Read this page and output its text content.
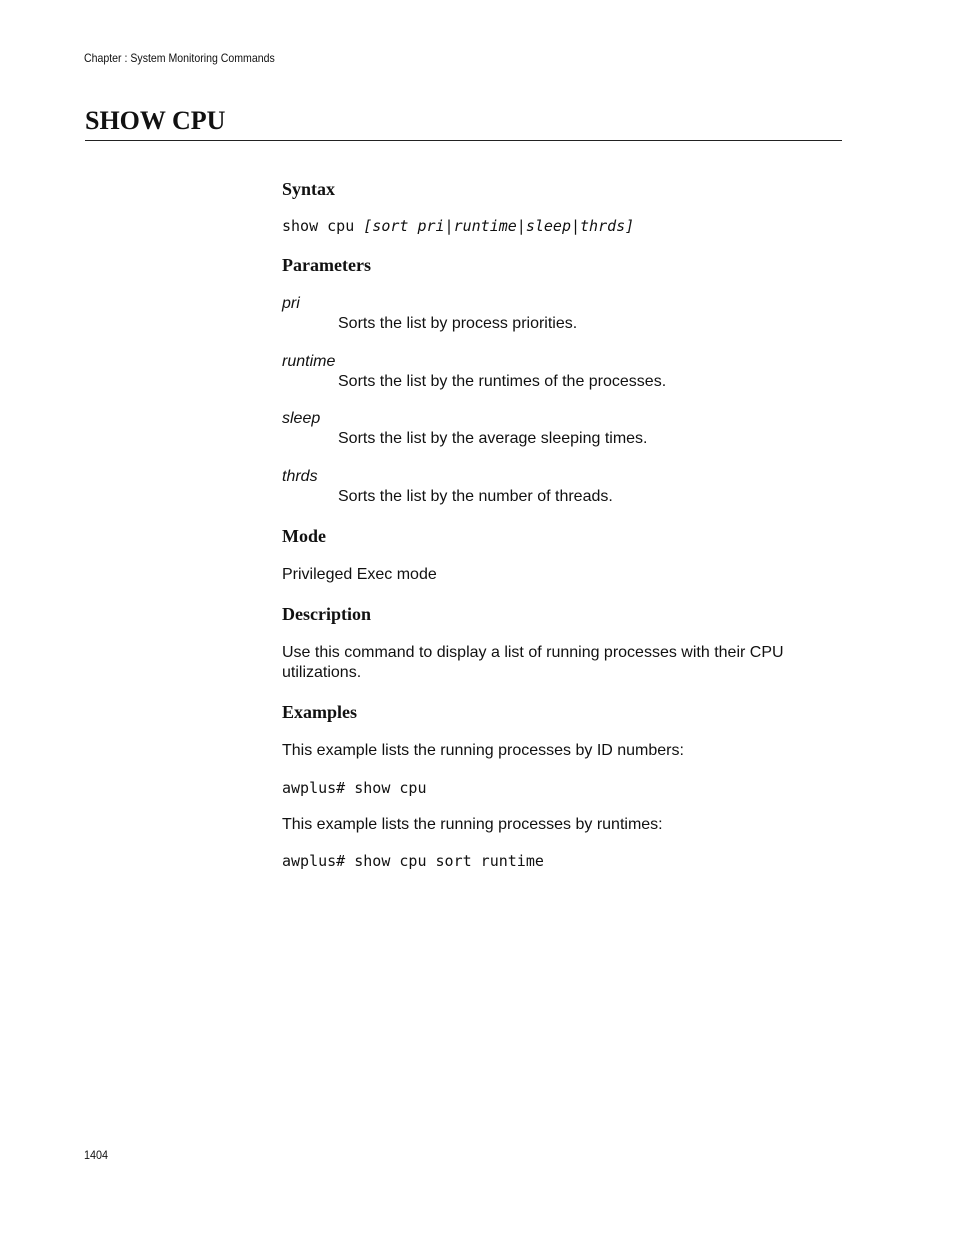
Chapter : System Monitoring Commands
SHOW CPU
Syntax
show cpu [sort pri|runtime|sleep|thrds]
Parameters
pri
Sorts the list by process priorities.
runtime
Sorts the list by the runtimes of the processes.
sleep
Sorts the list by the average sleeping times.
thrds
Sorts the list by the number of threads.
Mode

Privileged Exec mode

Description

Use this command to display a list of running processes with their CPU utilizations.

Examples

This example lists the running processes by ID numbers:

awplus# show cpu

This example lists the running processes by runtimes:

awplus# show cpu sort runtime
1404
